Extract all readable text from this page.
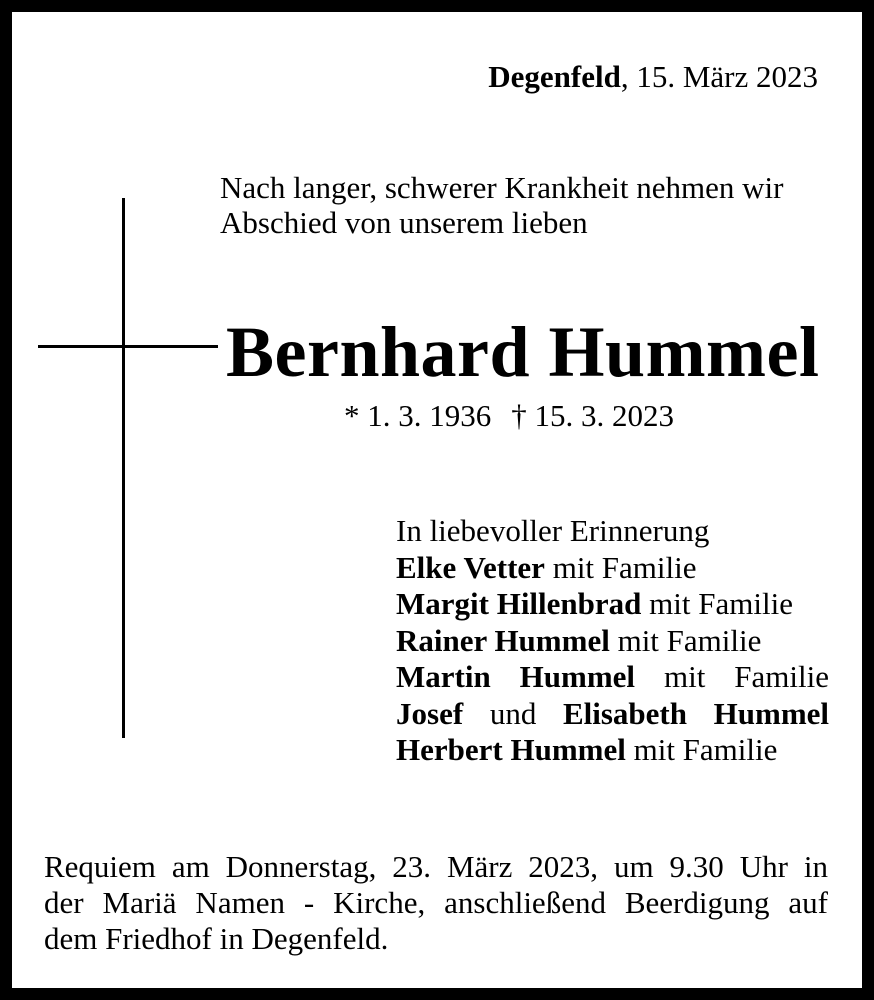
Degenfeld, 15. März 2023
Nach langer, schwerer Krankheit nehmen wir
Abschied von unserem lieben
Bernhard Hummel
* 1. 3. 1936 † 15. 3. 2023
In liebevoller Erinnerung
Elke Vetter mit Familie
Margit Hillenbrad mit Familie
Rainer Hummel mit Familie
Martin Hummel mit Familie
Josef und Elisabeth Hummel
Herbert Hummel mit Familie
Requiem am Donnerstag, 23. März 2023, um 9.30 Uhr in
der Mariä Namen - Kirche, anschließend Beerdigung auf
dem Friedhof in Degenfeld.
